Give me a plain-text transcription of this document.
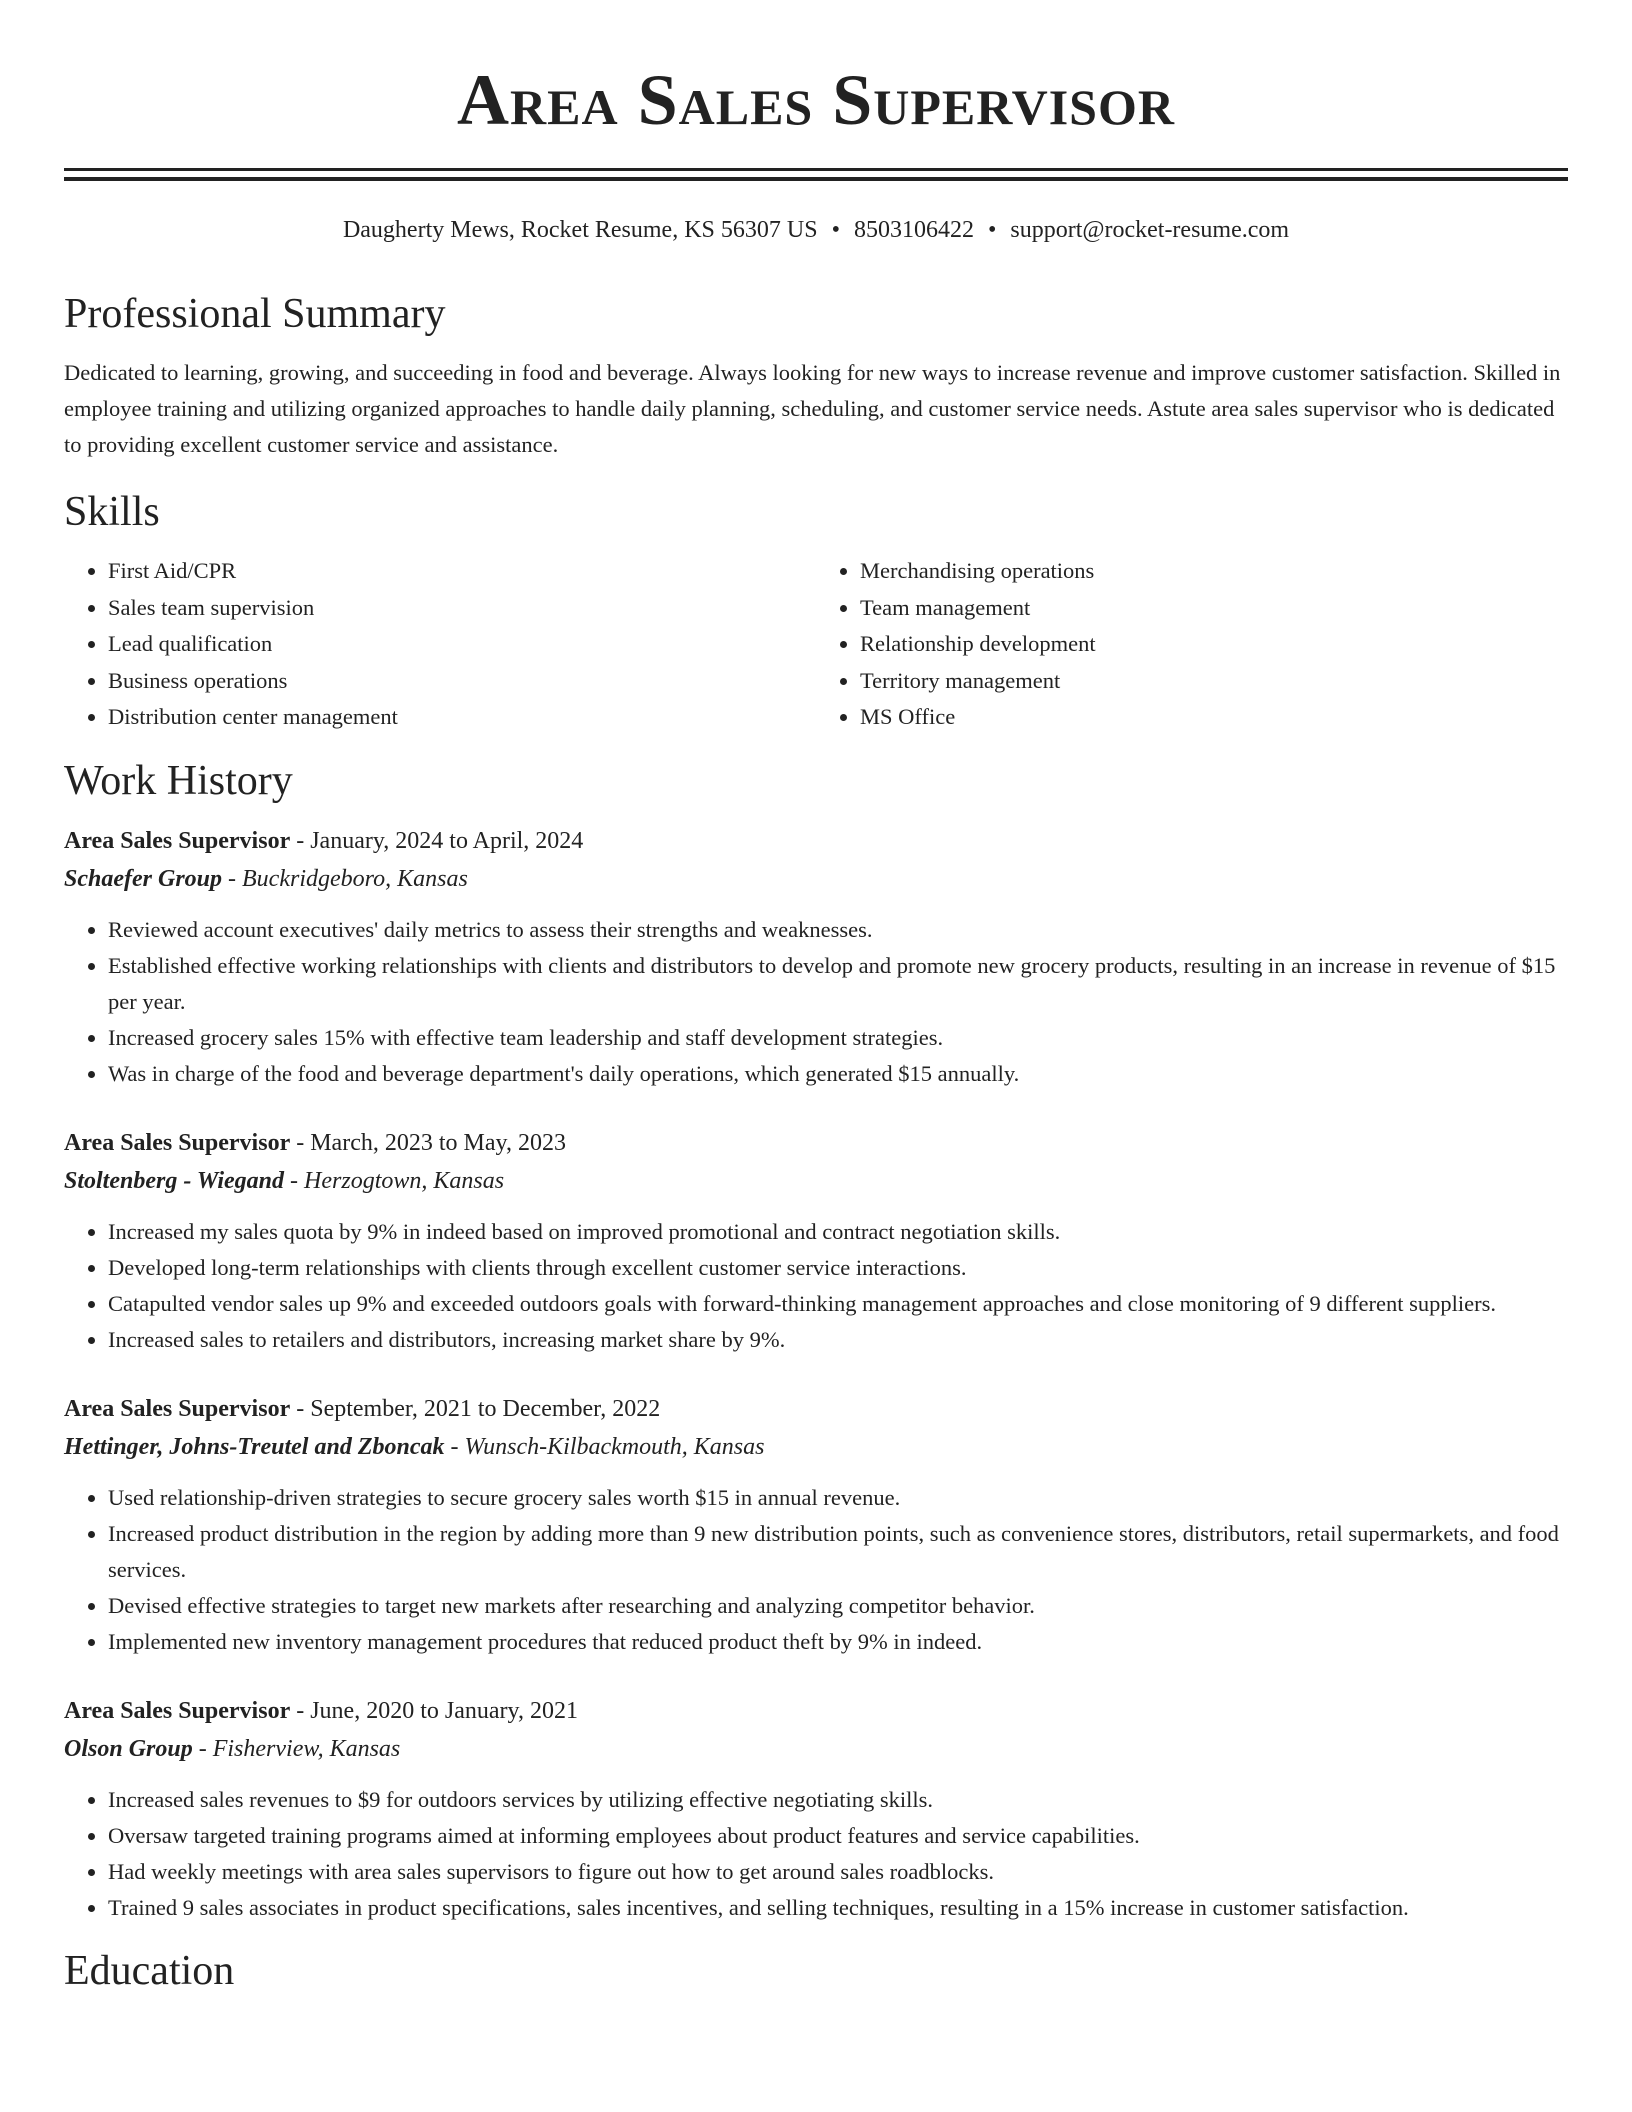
Area Sales Supervisor
Daugherty Mews, Rocket Resume, KS 56307 US • 8503106422 • support@rocket-resume.com
Professional Summary

Dedicated to learning, growing, and succeeding in food and beverage. Always looking for new ways to increase revenue and improve customer satisfaction. Skilled in employee training and utilizing organized approaches to handle daily planning, scheduling, and customer service needs. Astute area sales supervisor who is dedicated to providing excellent customer service and assistance.

Skills
• First Aid/CPR
• Sales team supervision
• Lead qualification
• Business operations
• Distribution center management
• Merchandising operations
• Team management
• Relationship development
• Territory management
• MS Office
Work History
Area Sales Supervisor - January, 2024 to April, 2024
Schaefer Group - Buckridgeboro, Kansas
• Reviewed account executives' daily metrics to assess their strengths and weaknesses.
• Established effective working relationships with clients and distributors to develop and promote new grocery products, resulting in an increase in revenue of $15 per year.
• Increased grocery sales 15% with effective team leadership and staff development strategies.
• Was in charge of the food and beverage department's daily operations, which generated $15 annually.
Area Sales Supervisor - March, 2023 to May, 2023
Stoltenberg - Wiegand - Herzogtown, Kansas
• Increased my sales quota by 9% in indeed based on improved promotional and contract negotiation skills.
• Developed long-term relationships with clients through excellent customer service interactions.
• Catapulted vendor sales up 9% and exceeded outdoors goals with forward-thinking management approaches and close monitoring of 9 different suppliers.
• Increased sales to retailers and distributors, increasing market share by 9%.
Area Sales Supervisor - September, 2021 to December, 2022
Hettinger, Johns-Treutel and Zboncak - Wunsch-Kilbackmouth, Kansas
• Used relationship-driven strategies to secure grocery sales worth $15 in annual revenue.
• Increased product distribution in the region by adding more than 9 new distribution points, such as convenience stores, distributors, retail supermarkets, and food services.
• Devised effective strategies to target new markets after researching and analyzing competitor behavior.
• Implemented new inventory management procedures that reduced product theft by 9% in indeed.
Area Sales Supervisor - June, 2020 to January, 2021
Olson Group - Fisherview, Kansas
• Increased sales revenues to $9 for outdoors services by utilizing effective negotiating skills.
• Oversaw targeted training programs aimed at informing employees about product features and service capabilities.
• Had weekly meetings with area sales supervisors to figure out how to get around sales roadblocks.
• Trained 9 sales associates in product specifications, sales incentives, and selling techniques, resulting in a 15% increase in customer satisfaction.
Education
